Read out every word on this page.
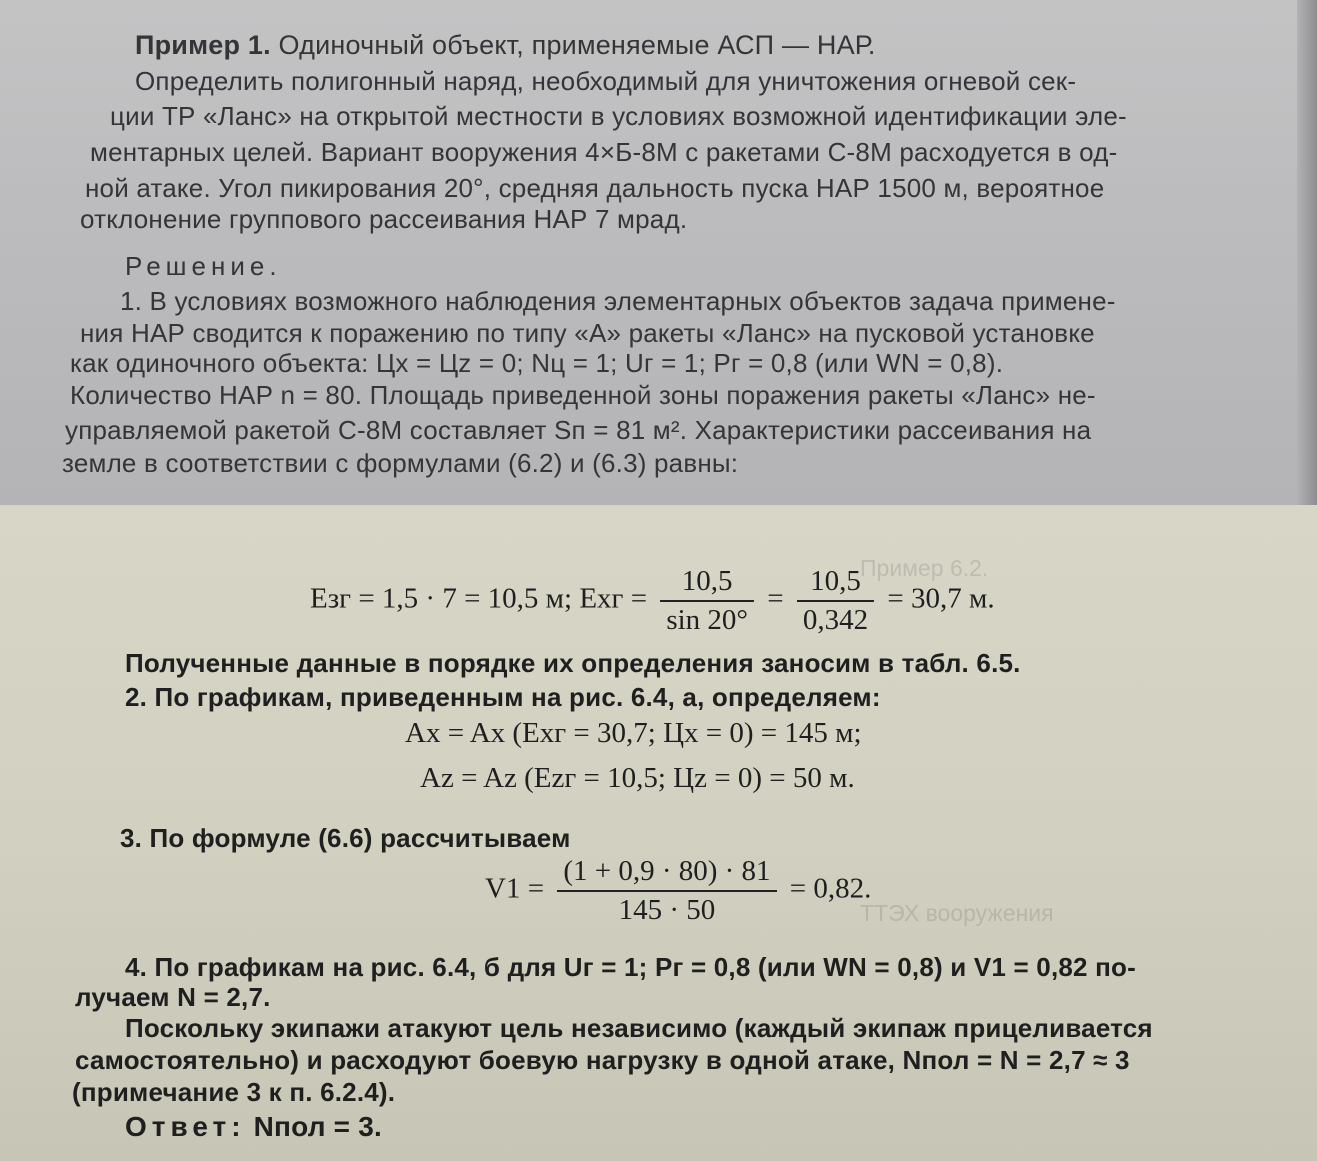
Пример 1. Одиночный объект, применяемые АСП — НАР.
Определить полигонный наряд, необходимый для уничтожения огневой сек-
ции ТР «Ланс» на открытой местности в условиях возможной идентификации эле-
ментарных целей. Вариант вооружения 4×Б-8М с ракетами С-8М расходуется в од-
ной атаке. Угол пикирования 20°, средняя дальность пуска НАР 1500 м, вероятное
отклонение группового рассеивания НАР 7 мрад.
Решение.
1. В условиях возможного наблюдения элементарных объектов задача примене-
ния НАР сводится к поражению по типу «А» ракеты «Ланс» на пусковой установке
как одиночного объекта: Цx = Цz = 0; Nц = 1; Uг = 1; Pг = 0,8 (или WN = 0,8).
Количество НАР n = 80. Площадь приведенной зоны поражения ракеты «Ланс» не-
управляемой ракетой С-8М составляет Sп = 81 м². Характеристики рассеивания на
земле в соответствии с формулами (6.2) и (6.3) равны:
Пример 6.2.
ТТЭХ вооружения
Eзг = 1,5 · 7 = 10,5 м; Exг = $\frac{10,5}{\sin 20^\circ} = \frac{10,5}{0,342} = 30,7$ м.
Полученные данные в порядке их определения заносим в табл. 6.5.
2. По графикам, приведенным на рис. 6.4, а, определяем:
Ax = Ax (Exг = 30,7; Цx = 0) = 145 м;
Az = Az (Ezг = 10,5; Цz = 0) = 50 м.
3. По формуле (6.6) рассчитываем
$V1 = \frac{(1 + 0,9 \cdot 80) \cdot 81}{145 \cdot 50} = 0,82$.
4. По графикам на рис. 6.4, б для Uг = 1; Pг = 0,8 (или WN = 0,8) и V1 = 0,82 по-
лучаем N = 2,7.
Поскольку экипажи атакуют цель независимо (каждый экипаж прицеливается
самостоятельно) и расходуют боевую нагрузку в одной атаке, Nпол = N = 2,7 ≈ 3
(примечание 3 к п. 6.2.4).
Ответ: Nпол = 3.
